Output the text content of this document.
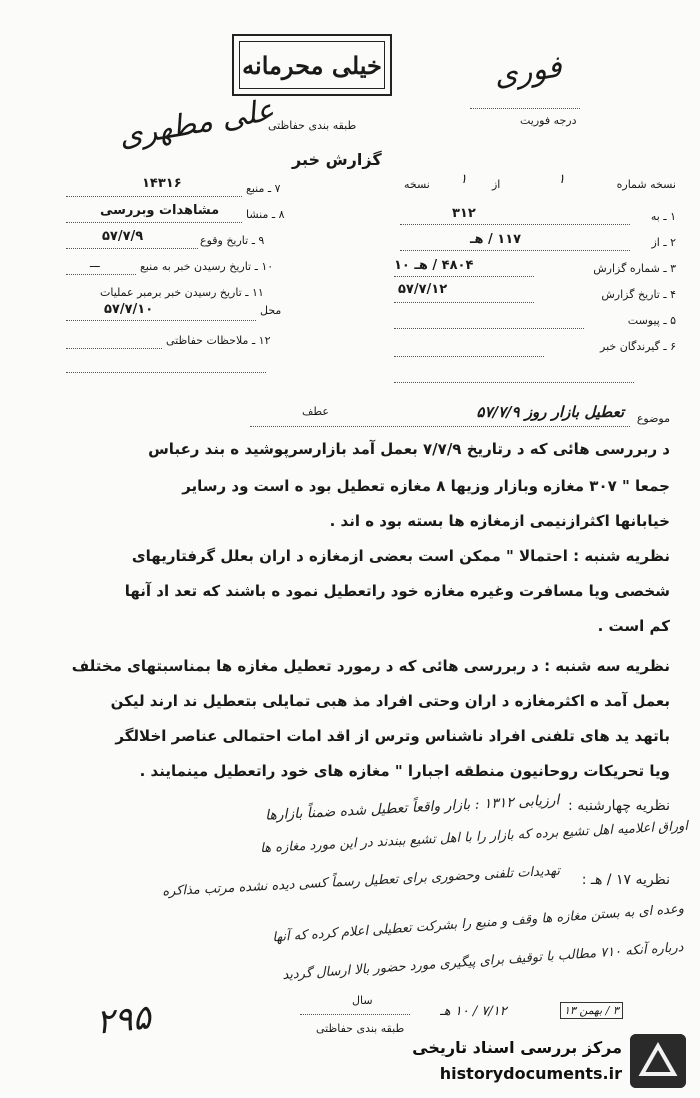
خیلی محرمانه
طبقه بندی حفاظتی
علی مطهری
فوری
درجه فوریت
گزارش خبر
نسخه شماره
۱
از
۱
نسخه
۱ ـ به
۳۱۲
۲ ـ از
۱۱۷ / هـ
۳ ـ شماره گزارش
۴۸۰۴ / هـ ۱۰
۴ ـ تاریخ گزارش
۵۷/۷/۱۲
۵ ـ پیوست
۶ ـ گیرندگان خبر
۷ ـ منبع
۱۴۳۱۶
۸ ـ منشا
مشاهدات وبررسی
۹ ـ تاریخ وقوع
۵۷/۷/۹
۱۰ ـ تاریخ رسیدن خبر به منبع
ـــ
۱۱ ـ تاریخ رسیدن خبر برمبر عملیات
۵۷/۷/۱۰	محل
۱۲ ـ ملاحظات حفاظتی
عطف
موضوع
تعطیل بازار روز ۵۷/۷/۹
د ربررسی هائی که د رتاریخ ۷/۷/۹ بعمل آمد بازارسرپوشید ه بند رعباس
جمعا " ۳۰۷ مغازه وبازار وزیها ۸ مغازه تعطیل بود ه است ود رسایر
خیابانها اکثرازنیمی ازمغازه ها بسته بود ه اند .
نظریه شنبه : احتمالا " ممکن است بعضی ازمغازه د اران بعلل گرفتاریهای
شخصی ویا مسافرت وغیره مغازه خود راتعطیل نمود ه باشند که تعد اد آنها
کم است .
نظریه سه شنبه : د ربررسی هائی که د رمورد تعطیل مغازه ها بمناسبتهای مختلف
بعمل آمد ه اکثرمغازه د اران وحتی افراد مذ هبی تمایلی بتعطیل ند ارند لیکن
باتهد ید های تلفنی افراد ناشناس وترس از اقد امات احتمالی عناصر اخلالگر
ویا تحریکات روحانیون منطقه اجبارا " مغازه های خود راتعطیل مینمایند .
نظریه چهارشنبه :
نظریه ۱۷ / هـ :
ارزیابی ۱۳۱۲ : بازار واقعاً تعطیل شده ضمناً بازارها
اوراق اعلامیه اهل تشیع برده که بازار را با اهل تشیع ببندند در این مورد مغازه ها
تهدیدات تلفنی وحضوری برای تعطیل رسماً کسی دیده نشده مرتب مذاکره
وعده ای به بستن مغازه ها وقف و منبع را بشرکت تعطیلی اعلام کرده که آنها
درباره آنکه ۷۱۰ مطالب با توقیف برای پیگیری مورد حضور بالا ارسال گردید
۲۹۵	سال
۷/۱۲ / ۱۰ هـ	۳ / بهمن ۱۳
طبقه بندی حفاظتی
مرکز بررسی اسناد تاریخی
historydocuments.ir
